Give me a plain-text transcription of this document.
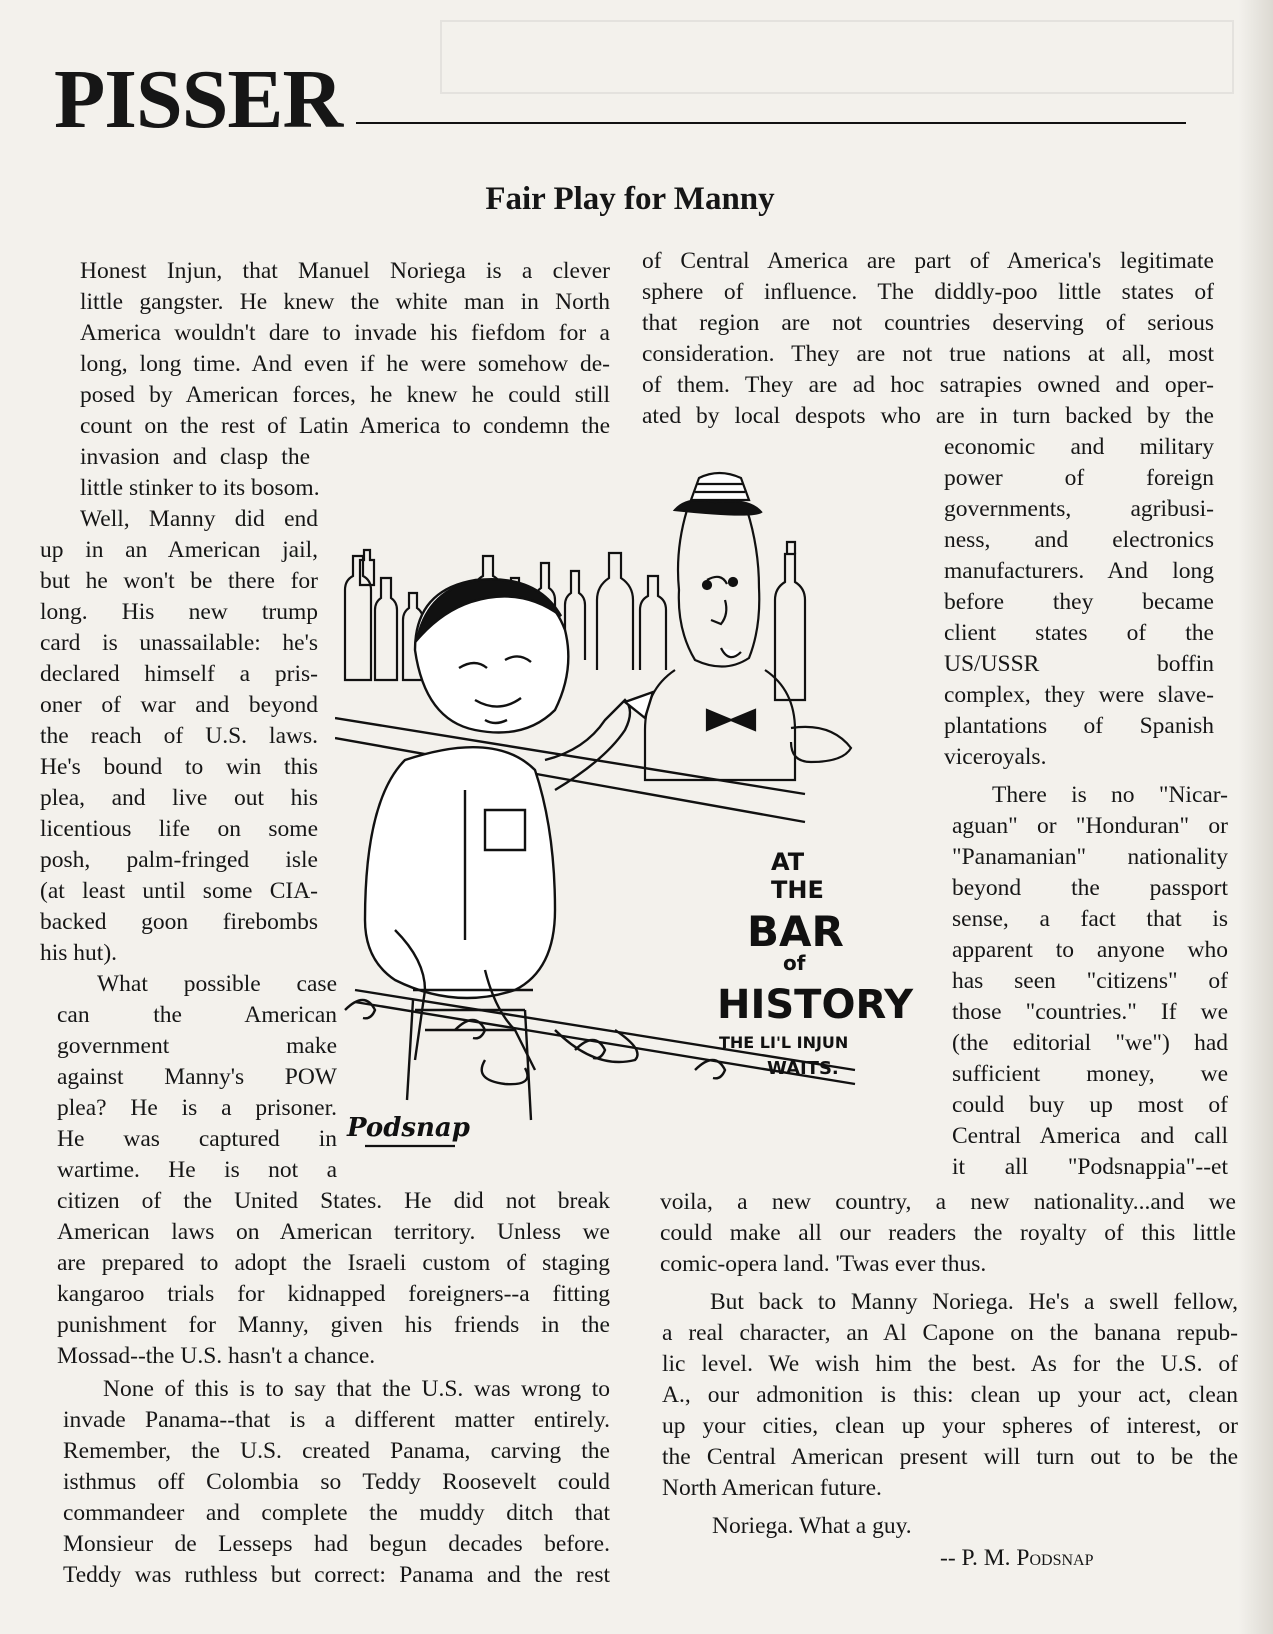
PISSER
Fair Play for Manny

Honest Injun, that Manuel Noriega is a clever
little gangster. He knew the white man in North
America wouldn't dare to invade his fiefdom for a
long, long time. And even if he were somehow de-
posed by American forces, he knew he could still
count on the rest of Latin America to condemn the
invasion and clasp the
little stinker to its bosom.

Well, Manny did end
up in an American jail,
but he won't be there for
long. His new trump
card is unassailable: he's
declared himself a pris-
oner of war and beyond
the reach of U.S. laws.
He's bound to win this
plea, and live out his
licentious life on some
posh, palm-fringed isle
(at least until some CIA-
backed goon firebombs
his hut).

What possible case
can the American
government make
against Manny's POW
plea? He is a prisoner.
He was captured in
wartime. He is not a
citizen of the United States. He did not break
American laws on American territory. Unless we
are prepared to adopt the Israeli custom of staging
kangaroo trials for kidnapped foreigners--a fitting
punishment for Manny, given his friends in the
Mossad--the U.S. hasn't a chance.

None of this is to say that the U.S. was wrong to
invade Panama--that is a different matter entirely.
Remember, the U.S. created Panama, carving the
isthmus off Colombia so Teddy Roosevelt could
commandeer and complete the muddy ditch that
Monsieur de Lesseps had begun decades before.
Teddy was ruthless but correct: Panama and the rest

of Central America are part of America's legitimate
sphere of influence. The diddly-poo little states of
that region are not countries deserving of serious
consideration. They are not true nations at all, most
of them. They are ad hoc satrapies owned and oper-
ated by local despots who are in turn backed by the
economic and military
power of foreign
governments, agribusi-
ness, and electronics
manufacturers. And long
before they became
client states of the
US/USSR boffin
complex, they were slave-
plantations of Spanish
viceroyals.

There is no "Nicar-
aguan" or "Honduran" or
"Panamanian" nationality
beyond the passport
sense, a fact that is
apparent to anyone who
has seen "citizens" of
those "countries." If we
(the editorial "we") had
sufficient money, we
could buy up most of
Central America and call
it all "Podsnappia"--et

voila, a new country, a new nationality...and we
could make all our readers the royalty of this little
comic-opera land. 'Twas ever thus.

But back to Manny Noriega. He's a swell fellow,
a real character, an Al Capone on the banana repub-
lic level. We wish him the best. As for the U.S. of
A., our admonition is this: clean up your act, clean
up your cities, clean up your spheres of interest, or
the Central American present will turn out to be the
North American future.

Noriega. What a guy.

-- P. M. Podsnap

AT
THE
BAR
of
HISTORY
THE LI'L INJUN
WAITS.
Podsnap
